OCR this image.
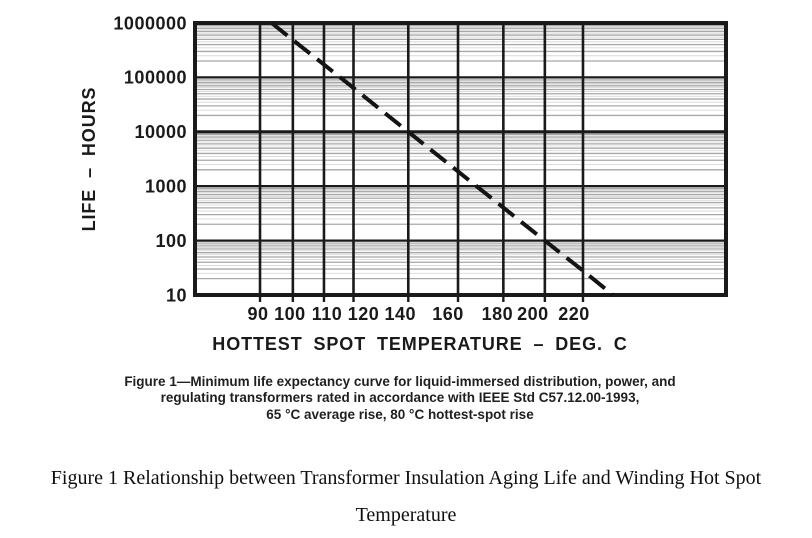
1000000
100000
10000
1000
100
10
90 100 110 120 140 160 180 200 220
LIFE – HOURS
HOTTEST SPOT TEMPERATURE – DEG. C
Figure 1—Minimum life expectancy curve for liquid-immersed distribution, power, and
regulating transformers rated in accordance with IEEE Std C57.12.00-1993,
65 °C average rise, 80 °C hottest-spot rise
Figure 1 Relationship between Transformer Insulation Aging Life and Winding Hot Spot
Temperature
